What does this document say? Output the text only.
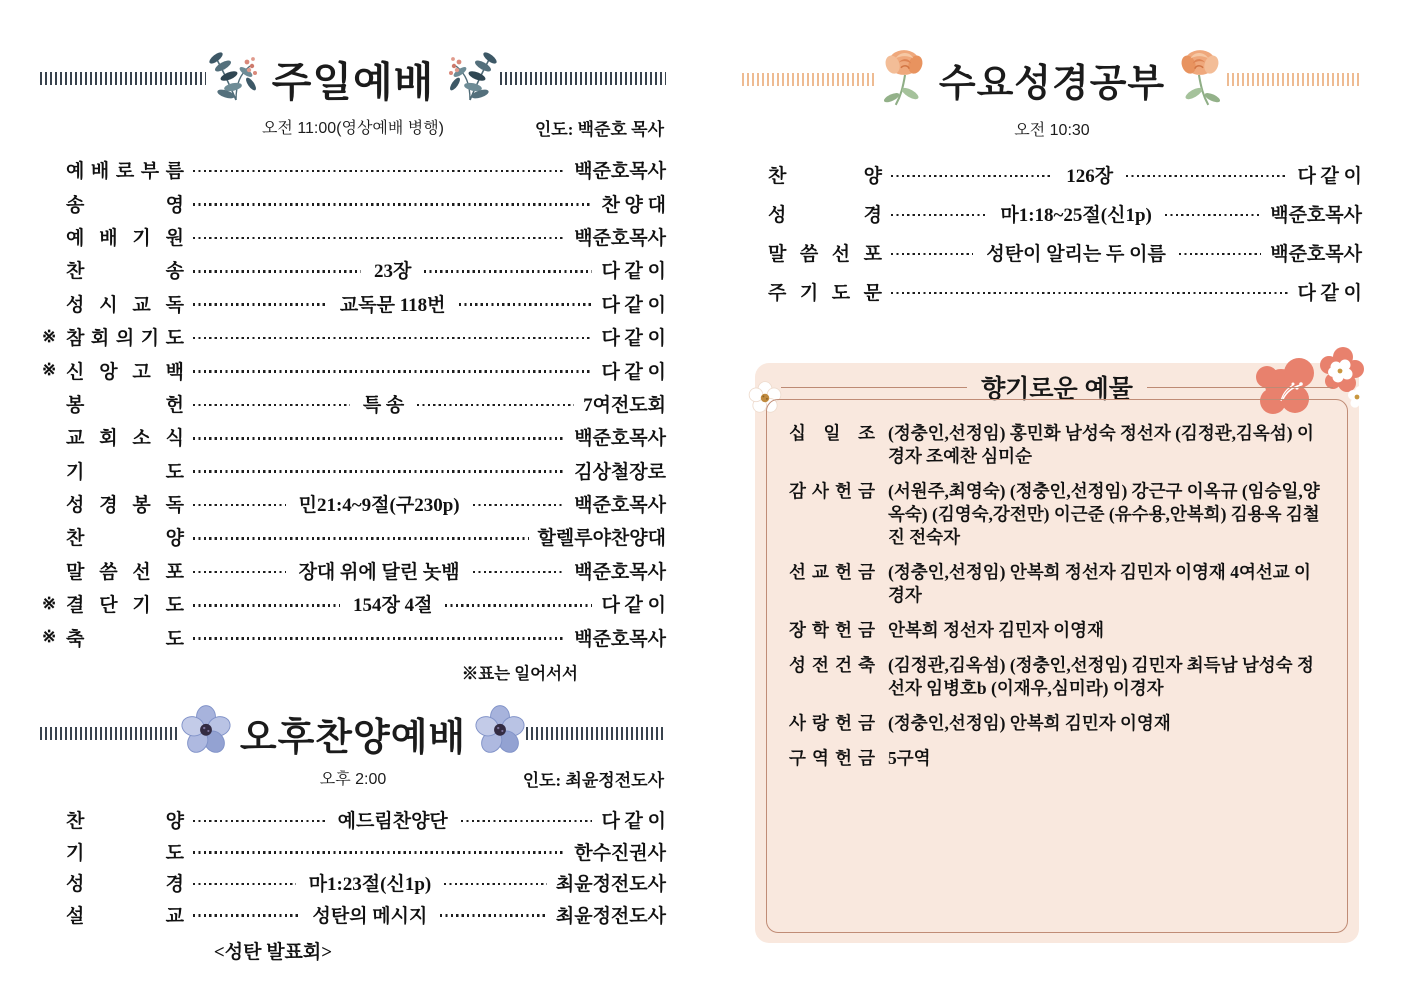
주일예배
오전 11:00(영상예배 병행)	인도: 백준호 목사
예 배 로 부 름	백준호목사
송	영	찬 양 대
예 배 기 원	백준호목사
찬	송	23장	다 같 이
성 시 교 독	교독문 118번	다 같 이
※ 참 회 의 기 도	다 같 이
※ 신 앙 고 백	다 같 이
봉	헌	특 송	7여전도회
교 회 소 식	백준호목사
기	도	김상철장로
성 경 봉 독	민21:4~9절(구230p)	백준호목사
찬	양	할렐루야찬양대
말 씀 선 포	장대 위에 달린 놋뱀	백준호목사
※ 결 단 기 도	154장 4절	다 같 이
※ 축	도	백준호목사
※표는 일어서서
오후찬양예배
오후 2:00	인도: 최윤정전도사
찬	양	예드림찬양단	다 같 이
기	도	한수진권사
성	경	마1:23절(신1p)	최윤정전도사
설	교	성탄의 메시지	최윤정전도사
<성탄 발표회>
수요성경공부
오전 10:30
찬	양	126장	다 같 이
성	경	마1:18~25절(신1p)	백준호목사
말 씀 선 포	성탄이 알리는 두 이름	백준호목사
주 기 도 문	다 같 이
향기로운 예물
십 일 조 (정충인,선정임) 홍민화 남성숙 정선자 (김정관,김옥섬) 이경자 조예찬 심미순
감 사 헌 금 (서원주,최영숙) (정충인,선정임) 강근구 이옥규 (임승일,양옥숙) (김영숙,강전만) 이근준 (유수용,안복희) 김용옥 김철진 전숙자
선 교 헌 금 (정충인,선정임) 안복희 정선자 김민자 이영재 4여선교 이경자
장 학 헌 금 안복희 정선자 김민자 이영재
성 전 건 축 (김정관,김옥섬) (정충인,선정임) 김민자 최득남 남성숙 정선자 임병호b (이재우,심미라) 이경자
사 랑 헌 금 (정충인,선정임) 안복희 김민자 이영재
구 역 헌 금 5구역
